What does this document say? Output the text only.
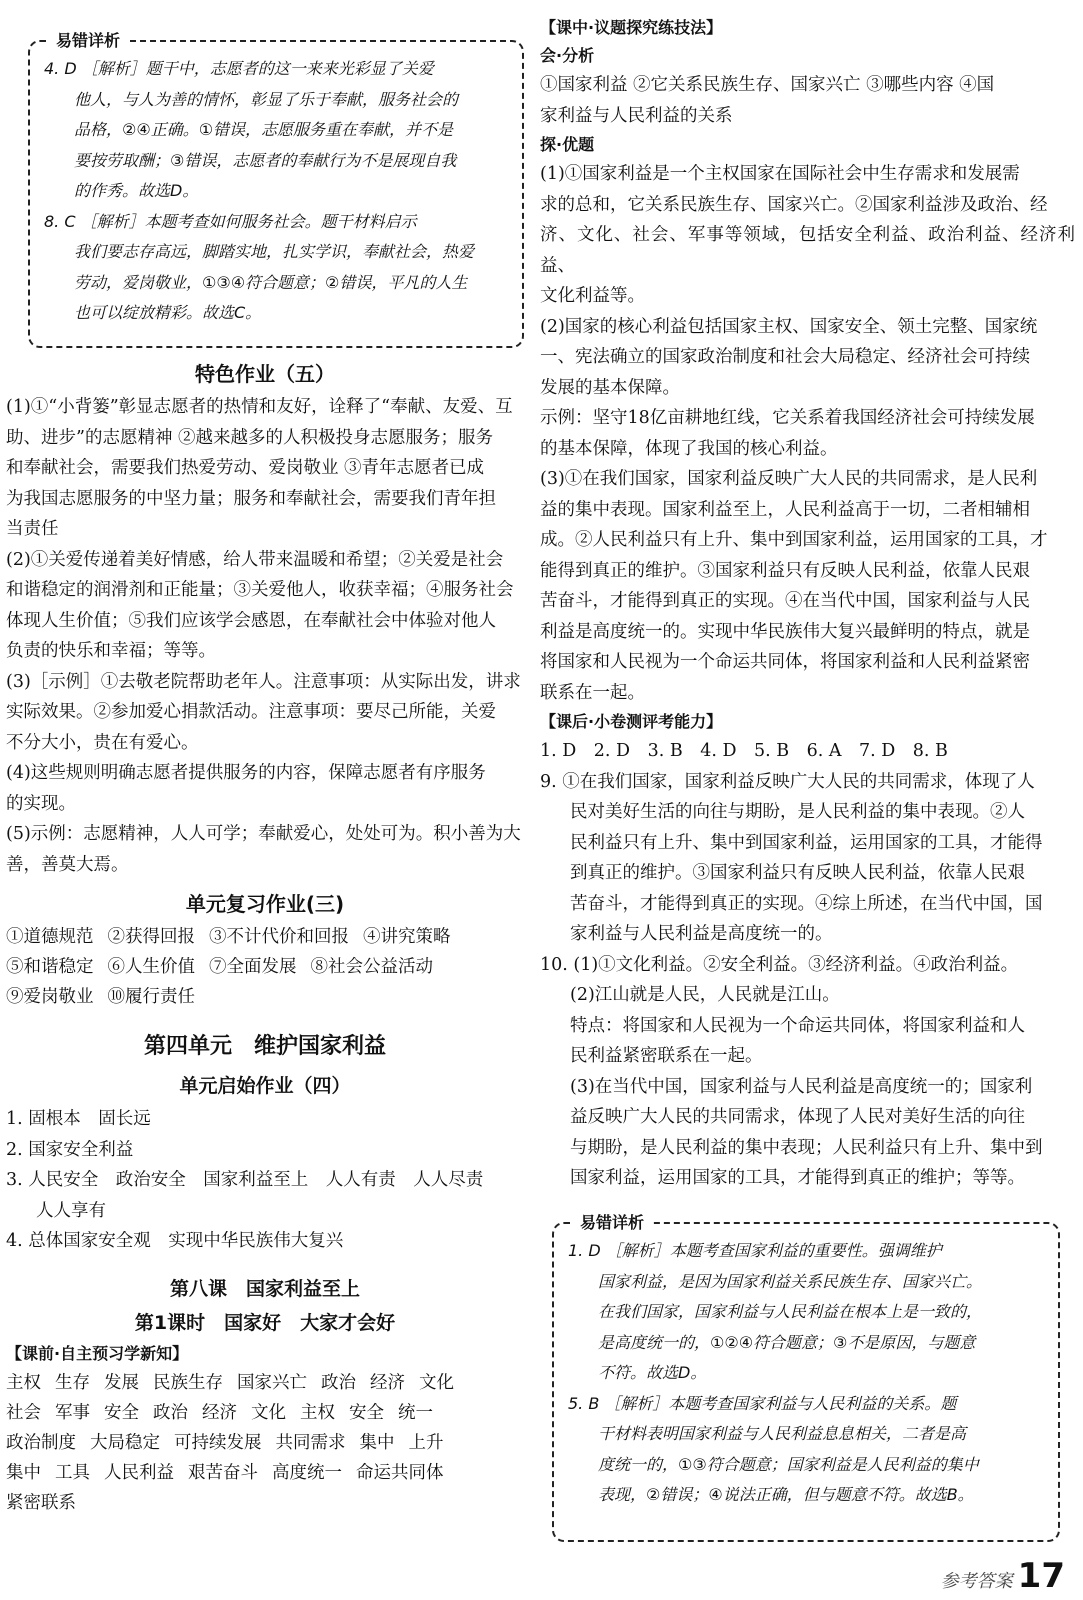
易错详析

4. D ［解析］题干中，志愿者的这一来来光彩显了关爱

他人，与人为善的情怀，彰显了乐于奉献，服务社会的

品格，②④正确。①错误，志愿服务重在奉献，并不是

要按劳取酬；③错误，志愿者的奉献行为不是展现自我

的作秀。故选D。

8. C ［解析］本题考查如何服务社会。题干材料启示

我们要志存高远，脚踏实地，扎实学识，奉献社会，热爱

劳动，爱岗敬业，①③④符合题意；②错误，平凡的人生

也可以绽放精彩。故选C。

特色作业（五）

(1)①“小背篓”彰显志愿者的热情和友好，诠释了“奉献、友爱、互

助、进步”的志愿精神 ②越来越多的人积极投身志愿服务；服务

和奉献社会，需要我们热爱劳动、爱岗敬业 ③青年志愿者已成

为我国志愿服务的中坚力量；服务和奉献社会，需要我们青年担

当责任

(2)①关爱传递着美好情感，给人带来温暖和希望；②关爱是社会

和谐稳定的润滑剂和正能量；③关爱他人，收获幸福；④服务社会

体现人生价值；⑤我们应该学会感恩，在奉献社会中体验对他人

负责的快乐和幸福；等等。

(3)［示例］①去敬老院帮助老年人。注意事项：从实际出发，讲求

实际效果。②参加爱心捐款活动。注意事项：要尽己所能，关爱

不分大小，贵在有爱心。

(4)这些规则明确志愿者提供服务的内容，保障志愿者有序服务

的实现。

(5)示例：志愿精神，人人可学；奉献爱心，处处可为。积小善为大

善，善莫大焉。

单元复习作业(三)

①道德规范 ②获得回报 ③不计代价和回报 ④讲究策略

⑤和谐稳定 ⑥人生价值 ⑦全面发展 ⑧社会公益活动

⑨爱岗敬业 ⑩履行责任

第四单元　维护国家利益

单元启始作业（四）

1. 固根本　固长远

2. 国家安全利益

3. 人民安全　政治安全　国家利益至上　人人有责　人人尽责

人人享有

4. 总体国家安全观　实现中华民族伟大复兴

第八课　国家利益至上

第1课时　国家好　大家才会好

【课前·自主预习学新知】

主权 生存 发展 民族生存 国家兴亡 政治 经济 文化

社会 军事 安全 政治 经济 文化 主权 安全 统一

政治制度 大局稳定 可持续发展 共同需求 集中 上升

集中 工具 人民利益 艰苦奋斗 高度统一 命运共同体

紧密联系

【课中·议题探究练技法】

会·分析

①国家利益 ②它关系民族生存、国家兴亡 ③哪些内容 ④国

家利益与人民利益的关系

探·优题

(1)①国家利益是一个主权国家在国际社会中生存需求和发展需

求的总和，它关系民族生存、国家兴亡。②国家利益涉及政治、经

济、文化、社会、军事等领域，包括安全利益、政治利益、经济利益、

文化利益等。

(2)国家的核心利益包括国家主权、国家安全、领土完整、国家统

一、宪法确立的国家政治制度和社会大局稳定、经济社会可持续

发展的基本保障。

示例：坚守18亿亩耕地红线，它关系着我国经济社会可持续发展

的基本保障，体现了我国的核心利益。

(3)①在我们国家，国家利益反映广大人民的共同需求，是人民利

益的集中表现。国家利益至上，人民利益高于一切，二者相辅相

成。②人民利益只有上升、集中到国家利益，运用国家的工具，才

能得到真正的维护。③国家利益只有反映人民利益，依靠人民艰

苦奋斗，才能得到真正的实现。④在当代中国，国家利益与人民

利益是高度统一的。实现中华民族伟大复兴最鲜明的特点，就是

将国家和人民视为一个命运共同体，将国家利益和人民利益紧密

联系在一起。

【课后·小卷测评考能力】

1. D　2. D　3. B　4. D　5. B　6. A　7. D　8. B

9. ①在我们国家，国家利益反映广大人民的共同需求，体现了人

民对美好生活的向往与期盼，是人民利益的集中表现。②人

民利益只有上升、集中到国家利益，运用国家的工具，才能得

到真正的维护。③国家利益只有反映人民利益，依靠人民艰

苦奋斗，才能得到真正的实现。④综上所述，在当代中国，国

家利益与人民利益是高度统一的。

10. (1)①文化利益。②安全利益。③经济利益。④政治利益。

(2)江山就是人民，人民就是江山。

特点：将国家和人民视为一个命运共同体，将国家利益和人

民利益紧密联系在一起。

(3)在当代中国，国家利益与人民利益是高度统一的；国家利

益反映广大人民的共同需求，体现了人民对美好生活的向往

与期盼，是人民利益的集中表现；人民利益只有上升、集中到

国家利益，运用国家的工具，才能得到真正的维护；等等。

易错详析

1. D ［解析］本题考查国家利益的重要性。强调维护

国家利益，是因为国家利益关系民族生存、国家兴亡。

在我们国家，国家利益与人民利益在根本上是一致的，

是高度统一的，①②④符合题意；③不是原因，与题意

不符。故选D。

5. B ［解析］本题考查国家利益与人民利益的关系。题

干材料表明国家利益与人民利益息息相关，二者是高

度统一的，①③符合题意；国家利益是人民利益的集中

表现，②错误；④说法正确，但与题意不符。故选B。

参考答案 17
